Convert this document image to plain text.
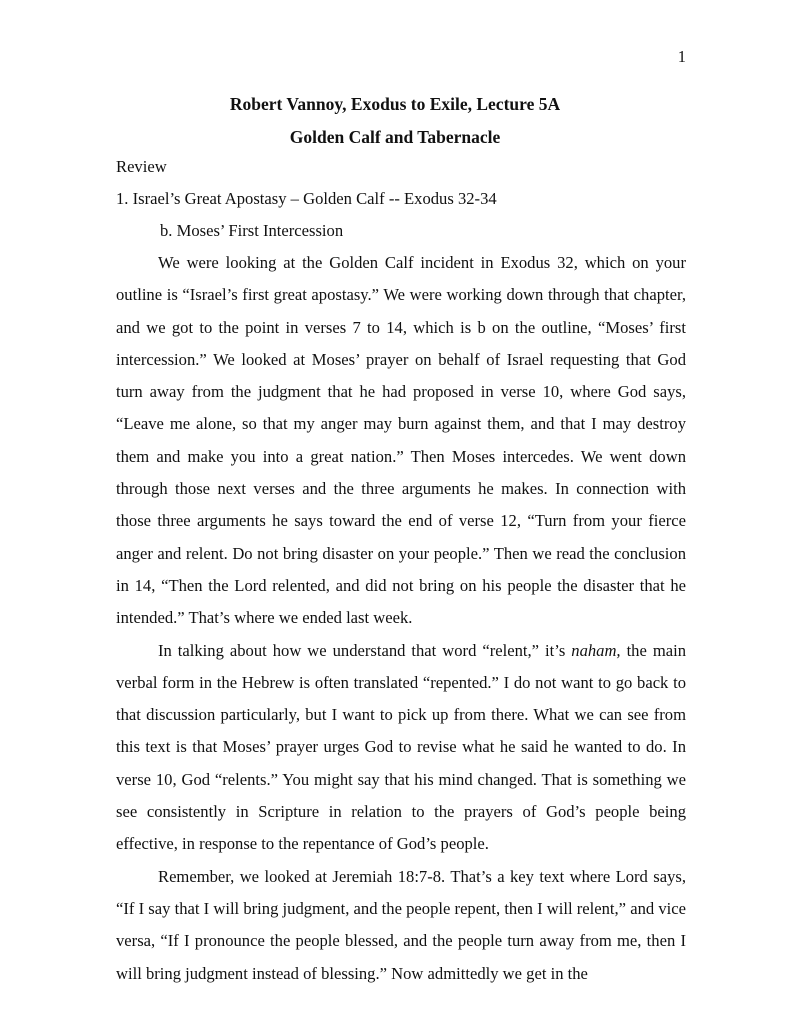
1
Robert Vannoy, Exodus to Exile, Lecture 5A
Golden Calf and Tabernacle
Review
1. Israel’s Great Apostasy – Golden Calf -- Exodus 32-34
b. Moses’ First Intercession

We were looking at the Golden Calf incident in Exodus 32, which on your outline is “Israel’s first great apostasy.” We were working down through that chapter, and we got to the point in verses 7 to 14, which is b on the outline, “Moses’ first intercession.” We looked at Moses’ prayer on behalf of Israel requesting that God turn away from the judgment that he had proposed in verse 10, where God says, “Leave me alone, so that my anger may burn against them, and that I may destroy them and make you into a great nation.” Then Moses intercedes. We went down through those next verses and the three arguments he makes. In connection with those three arguments he says toward the end of verse 12, “Turn from your fierce anger and relent. Do not bring disaster on your people.” Then we read the conclusion in 14, “Then the Lord relented, and did not bring on his people the disaster that he intended.” That’s where we ended last week.

In talking about how we understand that word “relent,” it’s naham, the main verbal form in the Hebrew is often translated “repented.” I do not want to go back to that discussion particularly, but I want to pick up from there. What we can see from this text is that Moses’ prayer urges God to revise what he said he wanted to do. In verse 10, God “relents.” You might say that his mind changed. That is something we see consistently in Scripture in relation to the prayers of God’s people being effective, in response to the repentance of God’s people.

Remember, we looked at Jeremiah 18:7-8. That’s a key text where Lord says, “If I say that I will bring judgment, and the people repent, then I will relent,” and vice versa, “If I pronounce the people blessed, and the people turn away from me, then I will bring judgment instead of blessing.” Now admittedly we get in the
